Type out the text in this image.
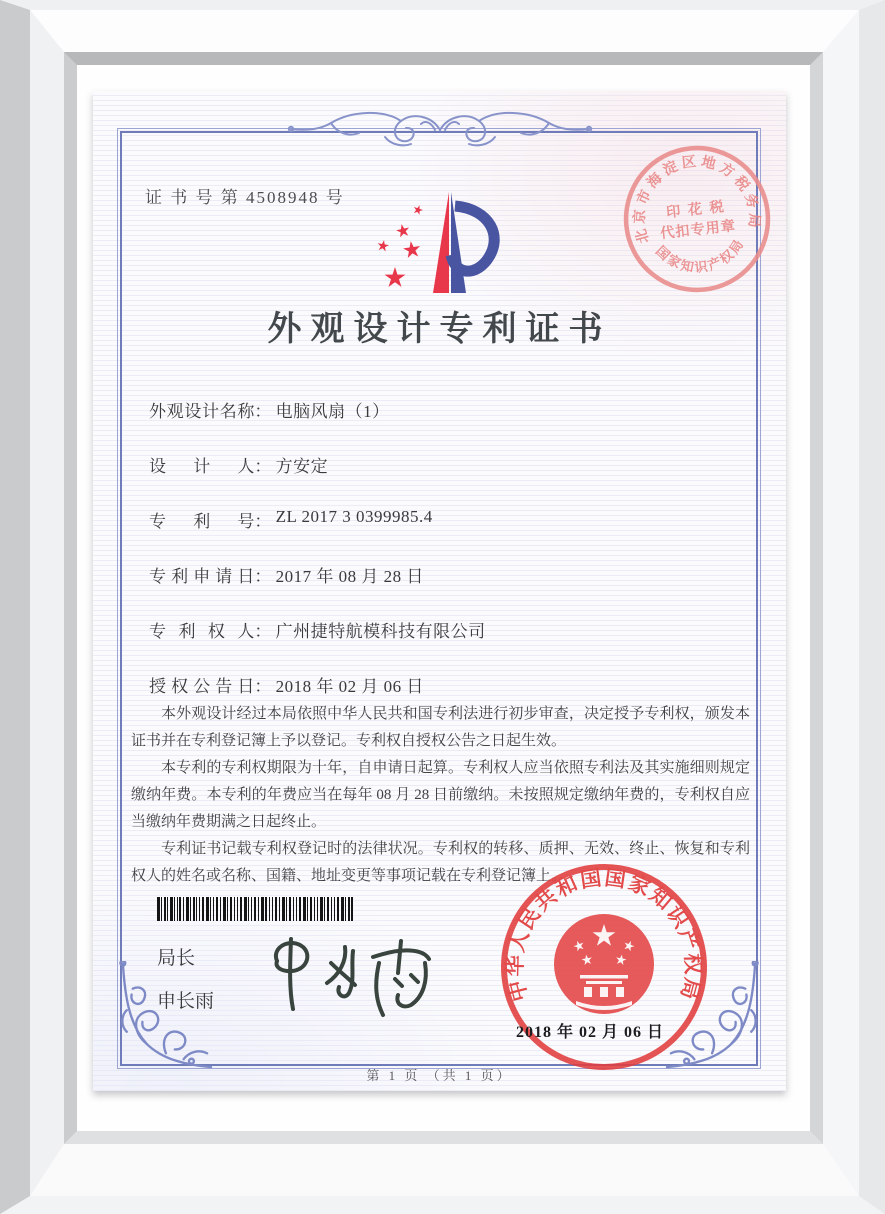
证 书 号 第 4508948 号
外观设计专利证书
外观设计名称： 电脑风扇（1）
设计人： 方安定
专利号： ZL 2017 3 0399985.4
专利申请日： 2017 年 08 月 28 日
专利权人： 广州捷特航模科技有限公司
授权公告日： 2018 年 02 月 06 日

本外观设计经过本局依照中华人民共和国专利法进行初步审查，决定授予专利权，颁发本证书并在专利登记簿上予以登记。专利权自授权公告之日起生效。

本专利的专利权期限为十年，自申请日起算。专利权人应当依照专利法及其实施细则规定缴纳年费。本专利的年费应当在每年 08 月 28 日前缴纳。未按照规定缴纳年费的，专利权自应当缴纳年费期满之日起终止。

专利证书记载专利权登记时的法律状况。专利权的转移、质押、无效、终止、恢复和专利权人的姓名或名称、国籍、地址变更等事项记载在专利登记簿上。

局长
申长雨	中华人民共和国国家知识产权局
2018 年 02 月 06 日
第 1 页 （共 1 页）
北京市海淀区地方税务局
国家知识产权局
印 花 税
代扣专用章
